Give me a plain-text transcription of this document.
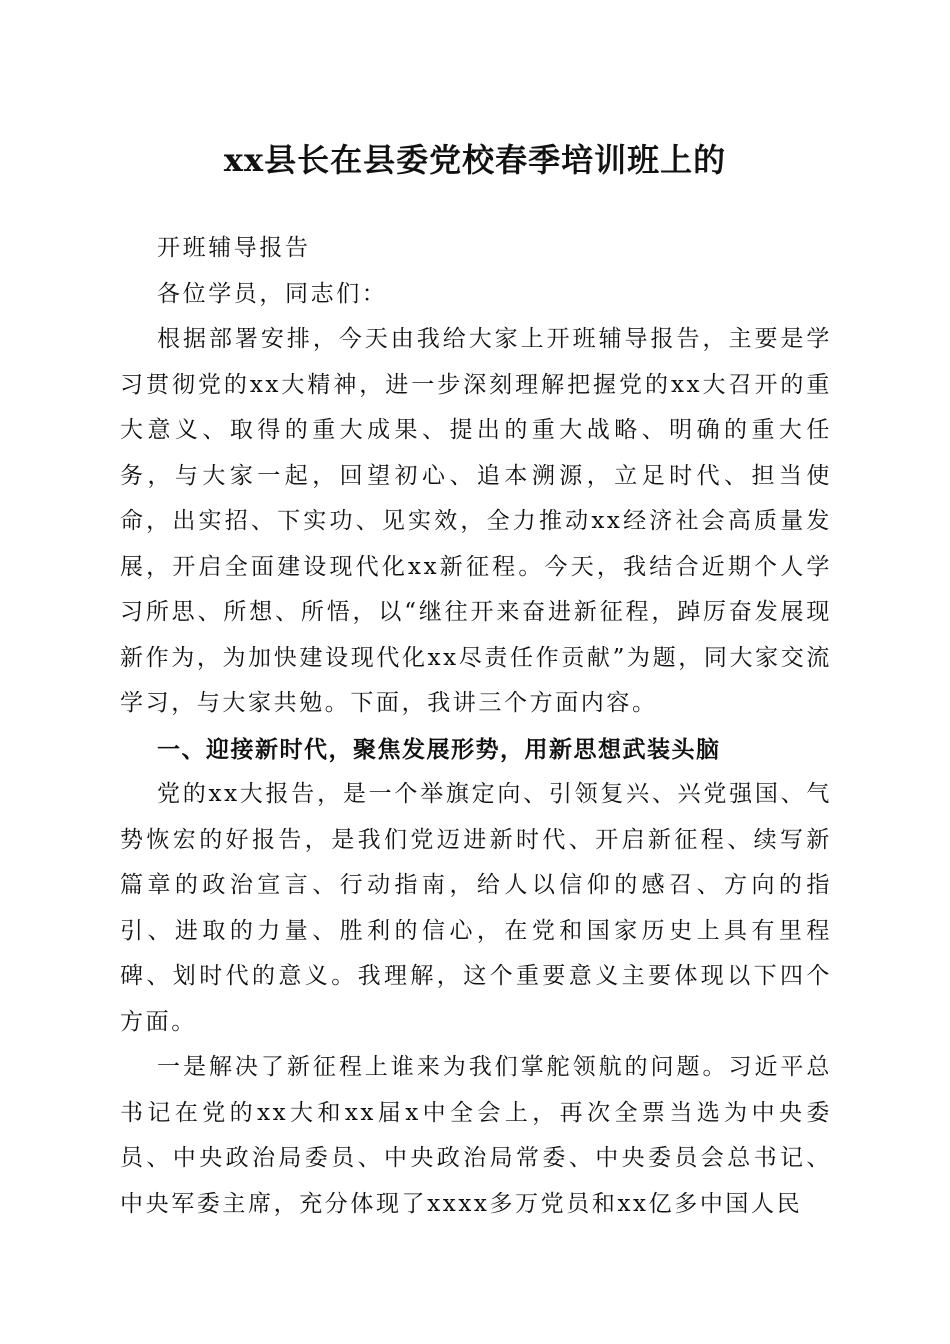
xx县长在县委党校春季培训班上的

开班辅导报告

各位学员，同志们：

根据部署安排，今天由我给大家上开班辅导报告，主要是学习贯彻党的xx大精神，进一步深刻理解把握党的xx大召开的重大意义、取得的重大成果、提出的重大战略、明确的重大任务，与大家一起，回望初心、追本溯源，立足时代、担当使命，出实招、下实功、见实效，全力推动xx经济社会高质量发展，开启全面建设现代化xx新征程。今天，我结合近期个人学习所思、所想、所悟，以“继往开来奋进新征程，踔厉奋发展现新作为，为加快建设现代化xx尽责任作贡献”为题，同大家交流学习，与大家共勉。下面，我讲三个方面内容。

一、迎接新时代，聚焦发展形势，用新思想武装头脑

党的xx大报告，是一个举旗定向、引领复兴、兴党强国、气势恢宏的好报告，是我们党迈进新时代、开启新征程、续写新篇章的政治宣言、行动指南，给人以信仰的感召、方向的指引、进取的力量、胜利的信心，在党和国家历史上具有里程碑、划时代的意义。我理解，这个重要意义主要体现以下四个方面。

一是解决了新征程上谁来为我们掌舵领航的问题。习近平总书记在党的xx大和xx届x中全会上，再次全票当选为中央委员、中央政治局委员、中央政治局常委、中央委员会总书记、中央军委主席，充分体现了xxxx多万党员和xx亿多中国人民
